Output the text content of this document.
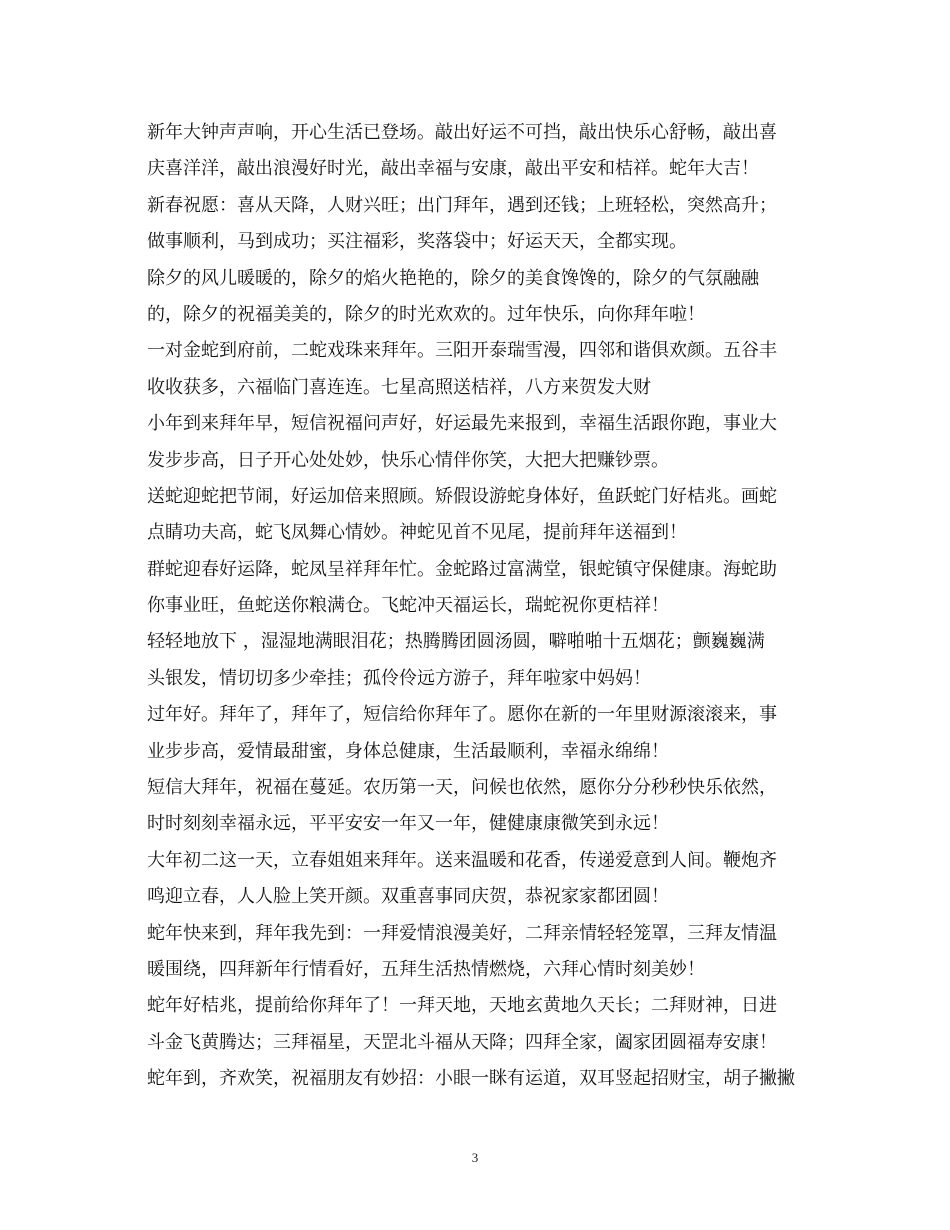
新年大钟声声响，开心生活已登场。敲出好运不可挡，敲出快乐心舒畅，敲出喜
庆喜洋洋，敲出浪漫好时光，敲出幸福与安康，敲出平安和桔祥。蛇年大吉！
新春祝愿：喜从天降，人财兴旺；出门拜年，遇到还钱；上班轻松，突然高升；
做事顺利，马到成功；买注福彩，奖落袋中；好运天天，全都实现。
除夕的风儿暖暖的，除夕的焰火艳艳的，除夕的美食馋馋的，除夕的气氛融融
的，除夕的祝福美美的，除夕的时光欢欢的。过年快乐，向你拜年啦！
一对金蛇到府前，二蛇戏珠来拜年。三阳开泰瑞雪漫，四邻和谐俱欢颜。五谷丰
收收获多，六福临门喜连连。七星高照送桔祥，八方来贺发大财
小年到来拜年早，短信祝福问声好，好运最先来报到，幸福生活跟你跑，事业大
发步步高，日子开心处处妙，快乐心情伴你笑，大把大把赚钞票。
送蛇迎蛇把节闹，好运加倍来照顾。矫假设游蛇身体好，鱼跃蛇门好桔兆。画蛇
点睛功夫高，蛇飞凤舞心情妙。神蛇见首不见尾，提前拜年送福到！
群蛇迎春好运降，蛇凤呈祥拜年忙。金蛇路过富满堂，银蛇镇守保健康。海蛇助
你事业旺，鱼蛇送你粮满仓。飞蛇冲天福运长，瑞蛇祝你更桔祥！
轻轻地放下 ，湿湿地满眼泪花；热腾腾团圆汤圆，噼啪啪十五烟花；颤巍巍满
头银发，情切切多少牵挂；孤伶伶远方游子，拜年啦家中妈妈！
过年好。拜年了，拜年了，短信给你拜年了。愿你在新的一年里财源滚滚来，事
业步步高，爱情最甜蜜，身体总健康，生活最顺利，幸福永绵绵！
短信大拜年，祝福在蔓延。农历第一天，问候也依然，愿你分分秒秒快乐依然，
时时刻刻幸福永远，平平安安一年又一年，健健康康微笑到永远！
大年初二这一天，立春姐姐来拜年。送来温暖和花香，传递爱意到人间。鞭炮齐
鸣迎立春，人人脸上笑开颜。双重喜事同庆贺，恭祝家家都团圆！
蛇年快来到，拜年我先到：一拜爱情浪漫美好，二拜亲情轻轻笼罩，三拜友情温
暖围绕，四拜新年行情看好，五拜生活热情燃烧，六拜心情时刻美妙！
蛇年好桔兆，提前给你拜年了！一拜天地，天地玄黄地久天长；二拜财神，日进
斗金飞黄腾达；三拜福星，天罡北斗福从天降；四拜全家，阖家团圆福寿安康！
蛇年到，齐欢笑，祝福朋友有妙招：小眼一眯有运道，双耳竖起招财宝，胡子撇撇
3
